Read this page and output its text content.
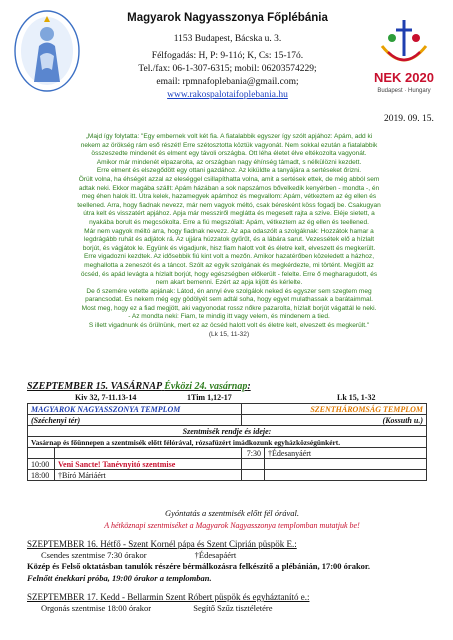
Magyarok Nagyasszonya Főplébánia
1153 Budapest, Bácska u. 3.
Félfogadás: H, P: 9-11ó; K, Cs: 15-17ó.
Tel./fax: 06-1-307-6315; mobil: 06203574229;
email: rpmnafoplebania@gmail.com;
www.rakospalotaifoplebania.hu
NEK 2020
Budapest · Hungary
2019. 09. 15.

„Majd így folytatta: "Egy embernek volt két fia. A fiatalabbik egyszer így szólt apjához: Apám, add ki

nekem az örökség rám eső részét! Erre szétosztotta köztük vagyonát. Nem sokkal ezután a fiatalabbik

összeszedte mindenét és elment egy távoli országba. Ott léha életet élve eltékozolta vagyonát.

Amikor már mindenét elpazarolta, az országban nagy éhínség támadt, s nélkülözni kezdett.

Erre elment és elszegődött egy ottani gazdához. Az kiküldte a tanyájára a sertéseket őrizni.

Örült volna, ha éhségét azzal az eleséggel csillapíthatta volna, amit a sertések ettek, de még abból sem

adtak neki. Ekkor magába szállt: Apám házában a sok napszámos bővelkedik kenyérben - mondta -, én

meg éhen halok itt. Útra kelek, hazamegyek apámhoz és megvallom: Apám, vétkeztem az ég ellen és

teellened. Arra, hogy fiadnak nevezz, már nem vagyok méltó, csak béresként köss fogadj be. Csakugyan

útra kelt és visszatért apjához. Apja már messziről meglátta és megesett rajta a szíve. Eléje sietett, a

nyakába borult és megcsókolta. Erre a fiú megszólalt: Apám, vétkeztem az ég ellen és teellened.

Már nem vagyok méltó arra, hogy fiadnak nevezz. Az apa odaszólt a szolgáknak: Hozzátok hamar a

legdrágább ruhát és adjátok rá. Az ujjára húzzatok gyűrűt, és a lábára sarut. Vezessétek elő a hízlalt

borjút, és vágjátok le. Együnk és vigadjunk, hisz fiam halott volt és életre kelt, elveszett és megkerült.

Erre vigadozni kezdtek. Az idősebbik fiú kint volt a mezőn. Amikor hazatérőben közeledett a házhoz,

meghallotta a zeneszót és a táncot. Szólt az egyik szolgának és megkérdezte, mi történt. Megjött az

öcséd, és apád levágta a hízlalt borjút, hogy egészségben előkerült - felelte. Erre ő megharagudott, és

nem akart bemenni. Ezért az apja kijött és kérlelte.

De ő szemére vetette apjának: Látod, én annyi éve szolgálok neked és egyszer sem szegtem meg

parancsodat. Es nekem még egy gödölyét sem adtál soha, hogy egyet mulathassak a barátaimmal.

Most meg, hogy ez a fiad megjött, aki vagyonodat rossz nőkre pazarolta, hízlalt borjút vágattál le neki.

- Az mondta neki: Fiam, te mindig itt vagy velem, és mindenem a tied.

S illett vigadnunk és örülnünk, mert ez az öcséd halott volt és életre kelt, elveszett és megkerült."

(Lk 15, 11-32)

SZEPTEMBER 15. VASÁRNAP Évközi 24. vasárnap:
Kiv 32, 7-11.13-14	1Tim 1,12-17	Lk 15, 1-32
MAGYAROK NAGYASSZONYA TEMPLOM		SZENTHÁROMSÁG TEMPLOM	
(Széchenyi tér)		(Kossuth u.)	
Szentmisék rendje és ideje:			
Vasárnap és főünnepen a szentmisék előtt félórával, rózsafüzért imádkozunk egyházközségünkért.			
		7:30	†Édesanyáért
10:00	Veni Sancte! Tanévnyitó szentmise		
18:00	†Bíró Máriáért		
Gyóntatás a szentmisék előtt fél órával.
A hétköznapi szentmiséket a Magyarok Nagyasszonya templomban mutatjuk be!
SZEPTEMBER 16. Hétfő - Szent Kornél pápa és Szent Ciprián püspök E.:
Csendes szentmise 7:30 órakor	†Édesapáért
Közép és Felső oktatásban tanulók részére bérmálkozásra felkészítő a plébánián, 17:00 órakor.
Felnőtt énekkari próba, 19:00 órakor a templomban.
SZEPTEMBER 17. Kedd - Bellarmin Szent Róbert püspök és egyháztanító e.:
Orgonás szentmise 18:00 órakor	Segítő Szűz tisztéletére
